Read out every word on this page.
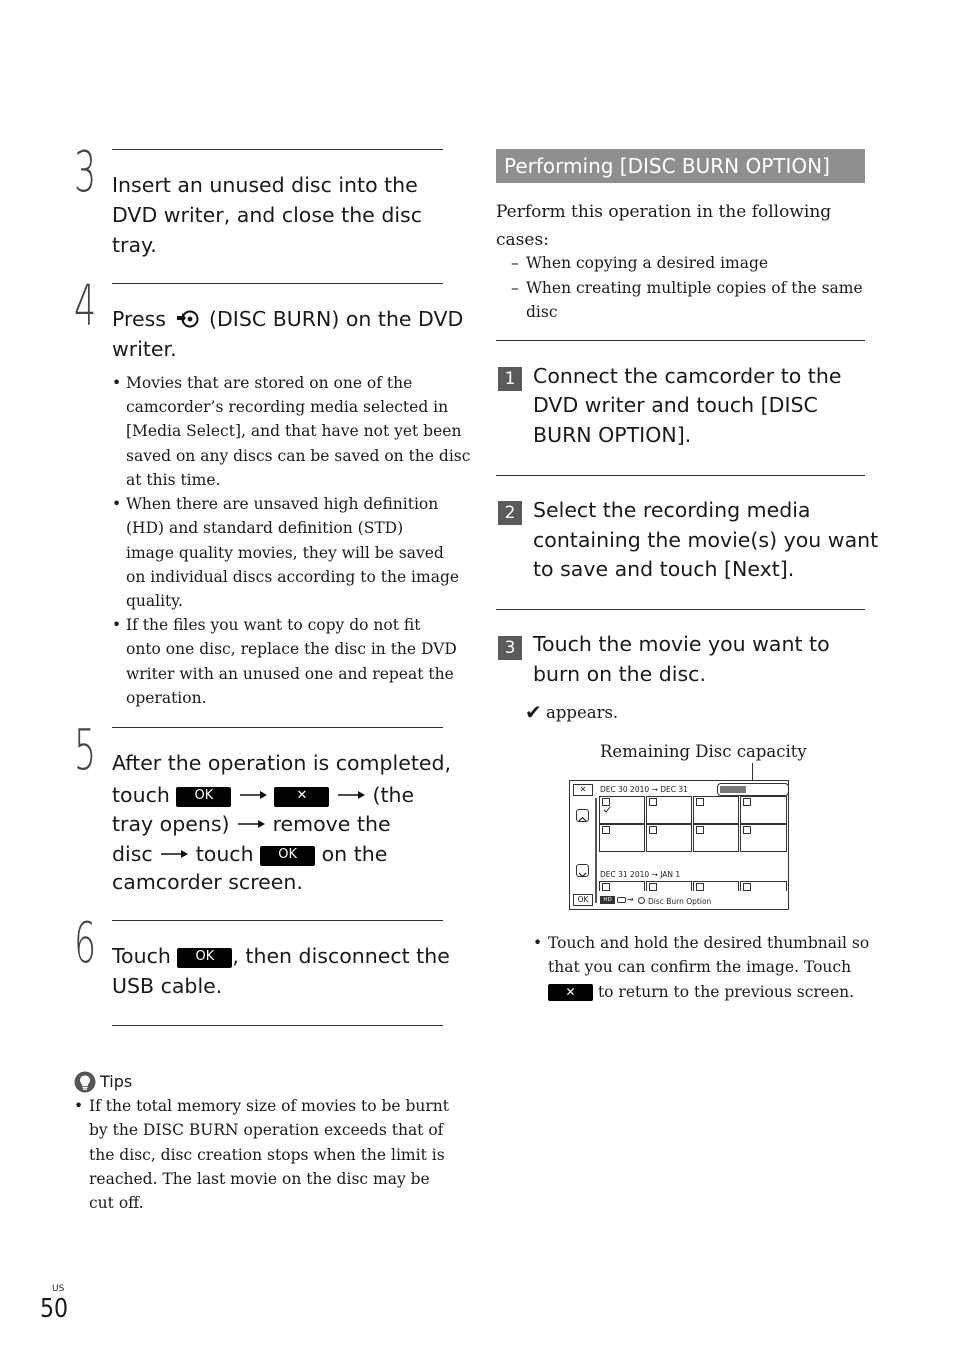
3 Insert an unused disc into the DVD writer, and close the disc tray.
4 Press (DISC BURN) on the DVD
writer.
• Movies that are stored on one of the
camcorder’s recording media selected in
[Media Select], and that have not yet been
saved on any discs can be saved on the disc
at this time.
• When there are unsaved high definition
(HD) and standard definition (STD)
image quality movies, they will be saved
on individual discs according to the image
quality.
• If the files you want to copy do not fit
onto one disc, replace the disc in the DVD
writer with an unused one and repeat the
operation.
5 After the operation is completed,
touch OK	✕	(the
tray opens) remove the
disc touch OK on the
camcorder screen.
6 Touch OK , then disconnect the
USB cable.
Tips
• If the total memory size of movies to be burnt
by the DISC BURN operation exceeds that of
the disc, disc creation stops when the limit is
reached. The last movie on the disc may be
cut off.
US
50
Performing [DISC BURN OPTION]
Perform this operation in the following
cases:
– When copying a desired image
– When creating multiple copies of the same
disc
1 Connect the camcorder to the
DVD writer and touch [DISC
BURN OPTION].
2 Select the recording media
containing the movie(s) you want
to save and touch [Next].
3 Touch the movie you want to
burn on the disc.
✔ appears.
Remaining Disc capacity
✕	DEC 30 2010 → DEC 31
DEC 31 2010 → JAN 1
OK	HD	→ Disc Burn Option
• Touch and hold the desired thumbnail so
that you can confirm the image. Touch
✕ to return to the previous screen.
